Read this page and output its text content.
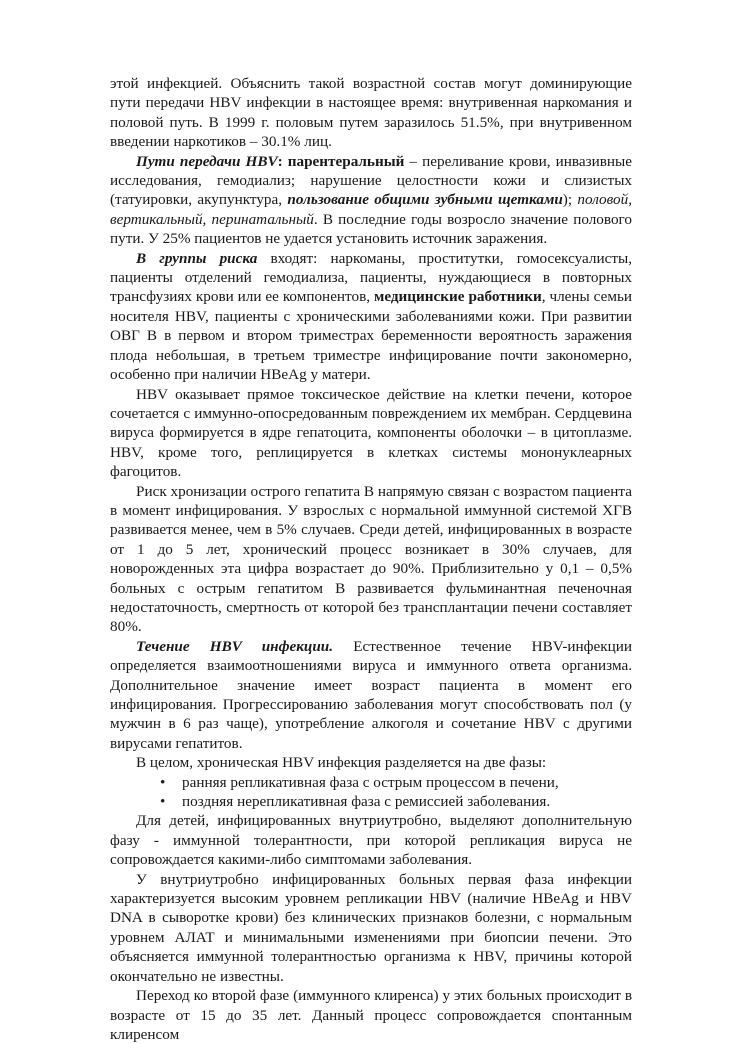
этой инфекцией. Объяснить такой возрастной состав могут доминирующие пути передачи HBV инфекции в настоящее время: внутривенная наркомания и половой путь. В 1999 г. половым путем заразилось 51.5%, при внутривенном введении наркотиков – 30.1% лиц.

Пути передачи HBV: парентеральный – переливание крови, инвазивные исследования, гемодиализ; нарушение целостности кожи и слизистых (татуировки, акупунктура, пользование общими зубными щетками); половой, вертикальный, перинатальный. В последние годы возросло значение полового пути. У 25% пациентов не удается установить источник заражения.

В группы риска входят: наркоманы, проститутки, гомосексуалисты, пациенты отделений гемодиализа, пациенты, нуждающиеся в повторных трансфузиях крови или ее компонентов, медицинские работники, члены семьи носителя HBV, пациенты с хроническими заболеваниями кожи. При развитии ОВГ В в первом и втором триместрах беременности вероятность заражения плода небольшая, в третьем триместре инфицирование почти закономерно, особенно при наличии HBeAg у матери.

HBV оказывает прямое токсическое действие на клетки печени, которое сочетается с иммунно-опосредованным повреждением их мембран. Сердцевина вируса формируется в ядре гепатоцита, компоненты оболочки – в цитоплазме. HBV, кроме того, реплицируется в клетках системы мононуклеарных фагоцитов.

Риск хронизации острого гепатита В напрямую связан с возрастом пациента в момент инфицирования. У взрослых с нормальной иммунной системой ХГВ развивается менее, чем в 5% случаев. Среди детей, инфицированных в возрасте от 1 до 5 лет, хронический процесс возникает в 30% случаев, для новорожденных эта цифра возрастает до 90%. Приблизительно у 0,1 – 0,5% больных с острым гепатитом В развивается фульминантная печеночная недостаточность, смертность от которой без трансплантации печени составляет 80%.

Течение HBV инфекции. Естественное течение HBV-инфекции определяется взаимоотношениями вируса и иммунного ответа организма. Дополнительное значение имеет возраст пациента в момент его инфицирования. Прогрессированию заболевания могут способствовать пол (у мужчин в 6 раз чаще), употребление алкоголя и сочетание HBV с другими вирусами гепатитов.

В целом, хроническая HBV инфекция разделяется на две фазы:

• ранняя репликативная фаза с острым процессом в печени,
• поздняя нерепликативная фаза с ремиссией заболевания.

Для детей, инфицированных внутриутробно, выделяют дополнительную фазу - иммунной толерантности, при которой репликация вируса не сопровождается какими-либо симптомами заболевания.

У внутриутробно инфицированных больных первая фаза инфекции характеризуется высоким уровнем репликации HBV (наличие HBeAg и HBV DNA в сыворотке крови) без клинических признаков болезни, с нормальным уровнем АЛАТ и минимальными изменениями при биопсии печени. Это объясняется иммунной толерантностью организма к HBV, причины которой окончательно не известны.

Переход ко второй фазе (иммунного клиренса) у этих больных происходит в возрасте от 15 до 35 лет. Данный процесс сопровождается спонтанным клиренсом
